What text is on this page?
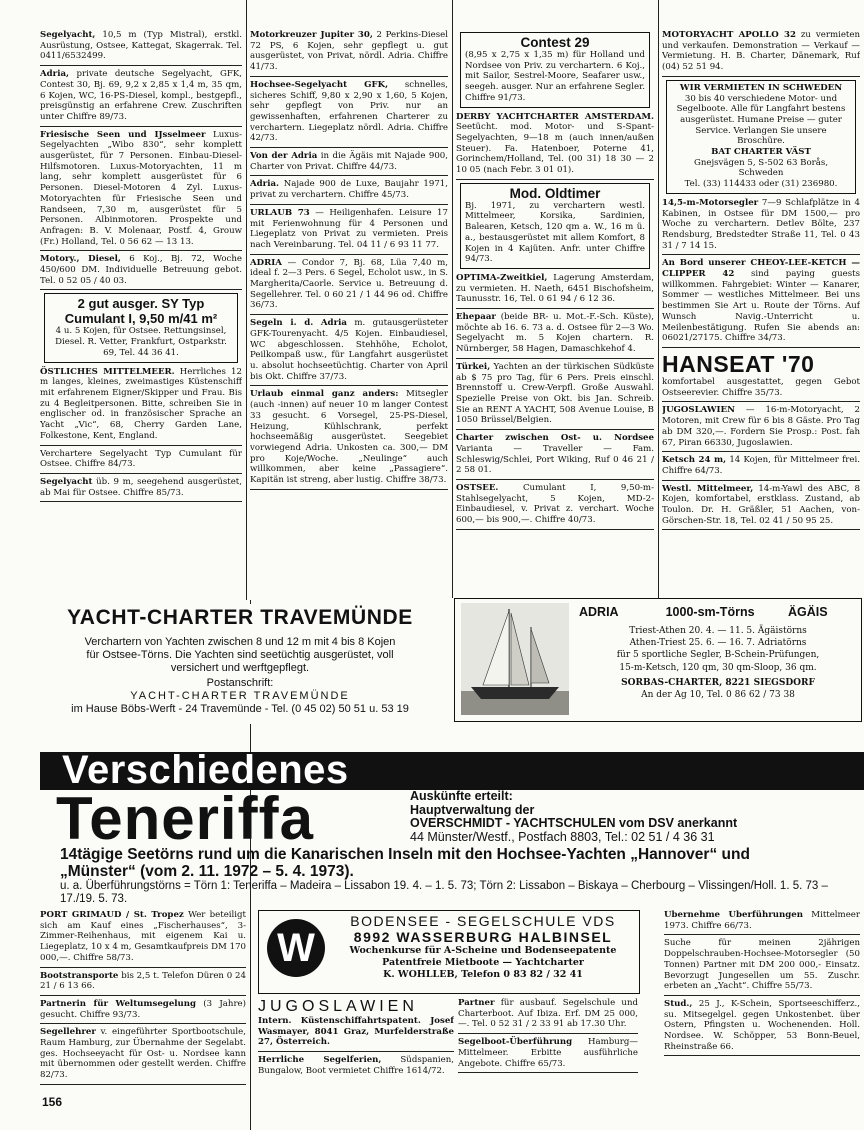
Segelyacht, 10,5 m (Typ Mistral), erstkl. Ausrüstung, Ostsee, Kattegat, Skagerrak. Tel. 0411/6532499.

Adria, private deutsche Segelyacht, GFK, Contest 30, Bj. 69, 9,2 x 2,85 x 1,4 m, 35 qm, 6 Kojen, WC, 16-PS-Diesel, kompl., bestgepfl., preisgünstig an erfahrene Crew. Zuschriften unter Chiffre 89/73.

Friesische Seen und IJsselmeer Luxus-Segelyachten „Wibo 830“, sehr komplett ausgerüstet, für 7 Personen. Einbau-Diesel-Hilfsmotoren. Luxus-Motoryachten, 11 m lang, sehr komplett ausgerüstet für 6 Personen. Diesel-Motoren 4 Zyl. Luxus-Motoryachten für Friesische Seen und Randseen, 7,30 m, ausgerüstet für 5 Personen. Albinmotoren. Prospekte und Anfragen: B. V. Molenaar, Postf. 4, Grouw (Fr.) Holland, Tel. 0 56 62 — 13 13.

Motory., Diesel, 6 Koj., Bj. 72, Woche 450/600 DM. Individuelle Betreuung gebot. Tel. 0 52 05 / 40 03.

2 gut ausger. SY Typ Cumulant I, 9,50 m/41 m²

4 u. 5 Kojen, für Ostsee. Rettungsinsel, Diesel. R. Vetter, Frankfurt, Ostparkstr. 69, Tel. 44 36 41.

ÖSTLICHES MITTELMEER. Herrliches 12 m langes, kleines, zweimastiges Küstenschiff mit erfahrenem Eigner/Skipper und Frau. Bis zu 4 Begleitpersonen. Bitte, schreiben Sie in englischer od. in französischer Sprache an Yacht „Vic“, 68, Cherry Garden Lane, Folkestone, Kent, England.

Verchartere Segelyacht Typ Cumulant für Ostsee. Chiffre 84/73.

Segelyacht üb. 9 m, seegehend ausgerüstet, ab Mai für Ostsee. Chiffre 85/73.

Motorkreuzer Jupiter 30, 2 Perkins-Diesel 72 PS, 6 Kojen, sehr gepflegt u. gut ausgerüstet, von Privat, nördl. Adria. Chiffre 41/73.

Hochsee-Segelyacht GFK, schnelles, sicheres Schiff, 9,80 x 2,90 x 1,60, 5 Kojen, sehr gepflegt von Priv. nur an gewissenhaften, erfahrenen Charterer zu verchartern. Liegeplatz nördl. Adria. Chiffre 42/73.

Von der Adria in die Ägäis mit Najade 900, Charter von Privat. Chiffre 44/73.

Adria. Najade 900 de Luxe, Baujahr 1971, privat zu verchartern. Chiffre 45/73.

URLAUB 73 — Heiligenhafen. Leisure 17 mit Ferienwohnung für 4 Personen und Liegeplatz von Privat zu vermieten. Preis nach Vereinbarung. Tel. 04 11 / 6 93 11 77.

ADRIA — Condor 7, Bj. 68, Lüa 7,40 m, ideal f. 2—3 Pers. 6 Segel, Echolot usw., in S. Margherita/Caorle. Service u. Betreuung d. Segellehrer. Tel. 0 60 21 / 1 44 96 od. Chiffre 36/73.

Segeln i. d. Adria m. gutausgerüsteter GFK-Tourenyacht. 4/5 Kojen. Einbaudiesel, WC abgeschlossen. Stehhöhe, Echolot, Peilkompaß usw., für Langfahrt ausgerüstet u. absolut hochseetüchtig. Charter von April bis Okt. Chiffre 37/73.

Urlaub einmal ganz anders: Mitsegler (auch -innen) auf neuer 10 m langer Contest 33 gesucht. 6 Vorsegel, 25-PS-Diesel, Heizung, Kühlschrank, perfekt hochseemäßig ausgerüstet. Seegebiet vorwiegend Adria. Unkosten ca. 300,— DM pro Koje/Woche. „Neulinge“ auch willkommen, aber keine „Passagiere“. Kapitän ist streng, aber lustig. Chiffre 38/73.

Contest 29

(8,95 x 2,75 x 1,35 m) für Holland und Nordsee von Priv. zu verchartern. 6 Koj., mit Sailor, Sestrel-Moore, Seafarer usw., seegeh. ausger. Nur an erfahrene Segler. Chiffre 91/73.

DERBY YACHTCHARTER AMSTERDAM. Seetücht. mod. Motor- und S-Spant-Segelyachten, 9—18 m (auch innen/außen Steuer). Fa. Hatenboer, Poterne 41, Gorinchem/Holland, Tel. (00 31) 18 30 — 2 10 05 (nach Febr. 3 01 01).

Mod. Oldtimer

Bj. 1971, zu verchartern westl. Mittelmeer, Korsika, Sardinien, Balearen, Ketsch, 120 qm a. W., 16 m ü. a., bestausgerüstet mit allem Komfort, 8 Kojen in 4 Kajüten. Anfr. unter Chiffre 94/73.

OPTIMA-Zweitkiel, Lagerung Amsterdam, zu vermieten. H. Naeth, 6451 Bischofsheim, Taunusstr. 16, Tel. 0 61 94 / 6 12 36.

Ehepaar (beide BR- u. Mot.-F.-Sch. Küste), möchte ab 16. 6. 73 a. d. Ostsee für 2—3 Wo. Segelyacht m. 5 Kojen chartern. R. Nürnberger, 58 Hagen, Damaschkehof 4.

Türkei, Yachten an der türkischen Südküste ab $ 75 pro Tag, für 6 Pers. Preis einschl. Brennstoff u. Crew-Verpfl. Große Auswahl. Spezielle Preise von Okt. bis Jan. Schreib. Sie an RENT A YACHT, 508 Avenue Louise, B 1050 Brüssel/Belgien.

Charter zwischen Ost- u. Nordsee Varianta — Traveller — Fam. Schleswig/Schlei, Port Wiking, Ruf 0 46 21 / 2 58 01.

OSTSEE. Cumulant I, 9,50-m-Stahlsegelyacht, 5 Kojen, MD-2-Einbaudiesel, v. Privat z. verchart. Woche 600,— bis 900,—. Chiffre 40/73.

MOTORYACHT APOLLO 32 zu vermieten und verkaufen. Demonstration — Verkauf — Vermietung. H. B. Charter, Dänemark, Ruf (04) 52 51 94.

WIR VERMIETEN IN SCHWEDEN

30 bis 40 verschiedene Motor- und Segelboote. Alle für Langfahrt bestens ausgerüstet. Humane Preise — guter Service. Verlangen Sie unsere Broschüre.

BAT CHARTER VÄST

Gnejsvägen 5, S-502 63 Borås, Schweden

Tel. (33) 114433 oder (31) 236980.

14,5-m-Motorsegler 7—9 Schlafplätze in 4 Kabinen, in Ostsee für DM 1500,— pro Woche zu verchartern. Detlev Bölte, 237 Rendsburg, Bredstedter Straße 11, Tel. 0 43 31 / 7 14 15.

An Bord unserer CHEOY-LEE-KETCH — CLIPPER 42 sind paying guests willkommen. Fahrgebiet: Winter — Kanarer, Sommer — westliches Mittelmeer. Bei uns bestimmen Sie Art u. Route der Törns. Auf Wunsch Navig.-Unterricht u. Meilenbestätigung. Rufen Sie abends an: 06021/27175. Chiffre 34/73.

HANSEAT '70

komfortabel ausgestattet, gegen Gebot Ostseerevier. Chiffre 35/73.

JUGOSLAWIEN — 16-m-Motoryacht, 2 Motoren, mit Crew für 6 bis 8 Gäste. Pro Tag ab DM 320,—. Fordern Sie Prosp.: Post. fah 67, Piran 66330, Jugoslawien.

Ketsch 24 m, 14 Kojen, für Mittelmeer frei. Chiffre 64/73.

Westl. Mittelmeer, 14-m-Yawl des ABC, 8 Kojen, komfortabel, erstklass. Zustand, ab Toulon. Dr. H. Gräßler, 51 Aachen, von-Görschen-Str. 18, Tel. 02 41 / 50 95 25.

YACHT-CHARTER TRAVEMÜNDE
Verchartern von Yachten zwischen 8 und 12 m mit 4 bis 8 Kojen
für Ostsee-Törns. Die Yachten sind seetüchtig ausgerüstet, voll
versichert und werftgepflegt.
Postanschrift:
YACHT-CHARTER TRAVEMÜNDE
im Hause Böbs-Werft - 24 Travemünde - Tel. (0 45 02) 50 51 u. 53 19
ADRIA	1000-sm-Törns	ÄGÄIS
Triest-Athen 20. 4. — 11. 5. Ägäistörns
Athen-Triest 25. 6. — 16. 7. Adriatörns
für 5 sportliche Segler, B-Schein-Prüfungen,
15-m-Ketsch, 120 qm, 30 qm-Sloop, 36 qm.
SORBAS-CHARTER, 8221 SIEGSDORF
An der Ag 10, Tel. 0 86 62 / 73 38
Verschiedenes
Teneriffa	Auskünfte erteilt:
Hauptverwaltung der
OVERSCHMIDT - YACHTSCHULEN vom DSV anerkannt
44 Münster/Westf., Postfach 8803, Tel.: 02 51 / 4 36 31
14tägige Seetörns rund um die Kanarischen Inseln mit den Hochsee-Yachten „Hannover“ und
„Münster“ (vom 2. 11. 1972 – 5. 4. 1973).
u. a. Überführungstörns = Törn 1: Teneriffa – Madeira – Lissabon 19. 4. – 1. 5. 73; Törn 2: Lissabon – Biskaya – Cherbourg – Vlissingen/Holl. 1. 5. 73 – 17./19. 5. 73.

PORT GRIMAUD / St. Tropez Wer beteiligt sich am Kauf eines „Fischerhauses“, 3-Zimmer-Reihenhaus, mit eigenem Kai u. Liegeplatz, 10 x 4 m, Gesamtkaufpreis DM 170 000,—. Chiffre 58/73.

Bootstransporte bis 2,5 t. Telefon Düren 0 24 21 / 6 13 66.

Partnerin für Weltumsegelung (3 Jahre) gesucht. Chiffre 93/73.

Segellehrer v. eingeführter Sportbootschule, Raum Hamburg, zur Übernahme der Segelabt. ges. Hochseeyacht für Ost- u. Nordsee kann mit übernommen oder gestellt werden. Chiffre 82/73.

W
BODENSEE - SEGELSCHULE VDS
8992 WASSERBURG HALBINSEL
Wochenkurse für A-Scheine und Bodenseepatente
Patentfreie Mietboote — Yachtcharter
K. WOHLLEB, Telefon 0 83 82 / 32 41
JUGOSLAWIEN

Intern. Küstenschiffahrtspatent. Josef Wasmayer, 8041 Graz, Murfelderstraße 27, Österreich.

Herrliche Segelferien, Südspanien, Bungalow, Boot vermietet Chiffre 1614/72.

Partner für ausbauf. Segelschule und Charterboot. Auf Ibiza. Erf. DM 25 000,—. Tel. 0 52 31 / 2 33 91 ab 17.30 Uhr.

Segelboot-Überführung Hamburg—Mittelmeer. Erbitte ausführliche Angebote. Chiffre 65/73.

Übernehme Überführungen Mittelmeer 1973. Chiffre 66/73.

Suche für meinen 2jährigen Doppelschrauben-Hochsee-Motorsegler (50 Tonnen) Partner mit DM 200 000,- Einsatz. Bevorzugt Jungesellen um 55. Zuschr. erbeten an „Yacht“. Chiffre 55/73.

Stud., 25 J., K-Schein, Sportseeschifferz., su. Mitsegelgel. gegen Unkostenbet. über Ostern, Pfingsten u. Wochenenden. Holl. Nordsee. W. Schöpper, 53 Bonn-Beuel, Rheinstraße 66.

156
